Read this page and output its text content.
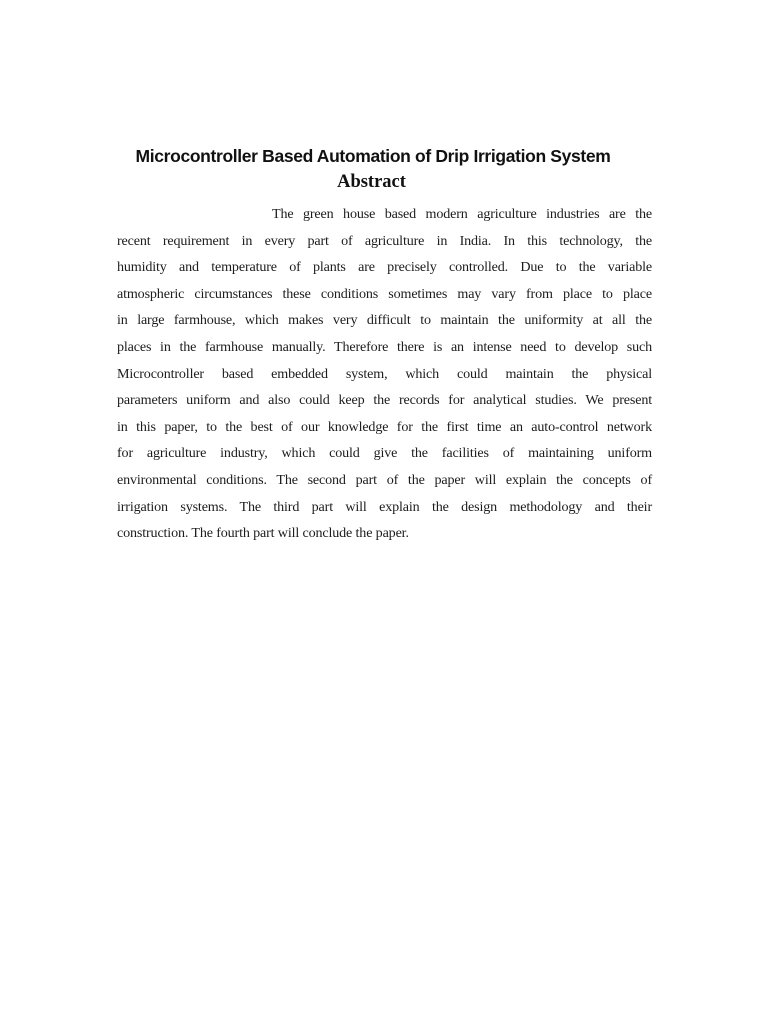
Microcontroller Based Automation of Drip Irrigation System
Abstract
The green house based modern agriculture industries are the
recent requirement in every part of agriculture in India. In this technology, the
humidity and temperature of plants are precisely controlled. Due to the variable
atmospheric circumstances these conditions sometimes may vary from place to place
in large farmhouse, which makes very difficult to maintain the uniformity at all the
places in the farmhouse manually. Therefore there is an intense need to develop such
Microcontroller based embedded system, which could maintain the physical
parameters uniform and also could keep the records for analytical studies. We present
in this paper, to the best of our knowledge for the first time an auto-control network
for agriculture industry, which could give the facilities of maintaining uniform
environmental conditions. The second part of the paper will explain the concepts of
irrigation systems. The third part will explain the design methodology and their
construction. The fourth part will conclude the paper.
